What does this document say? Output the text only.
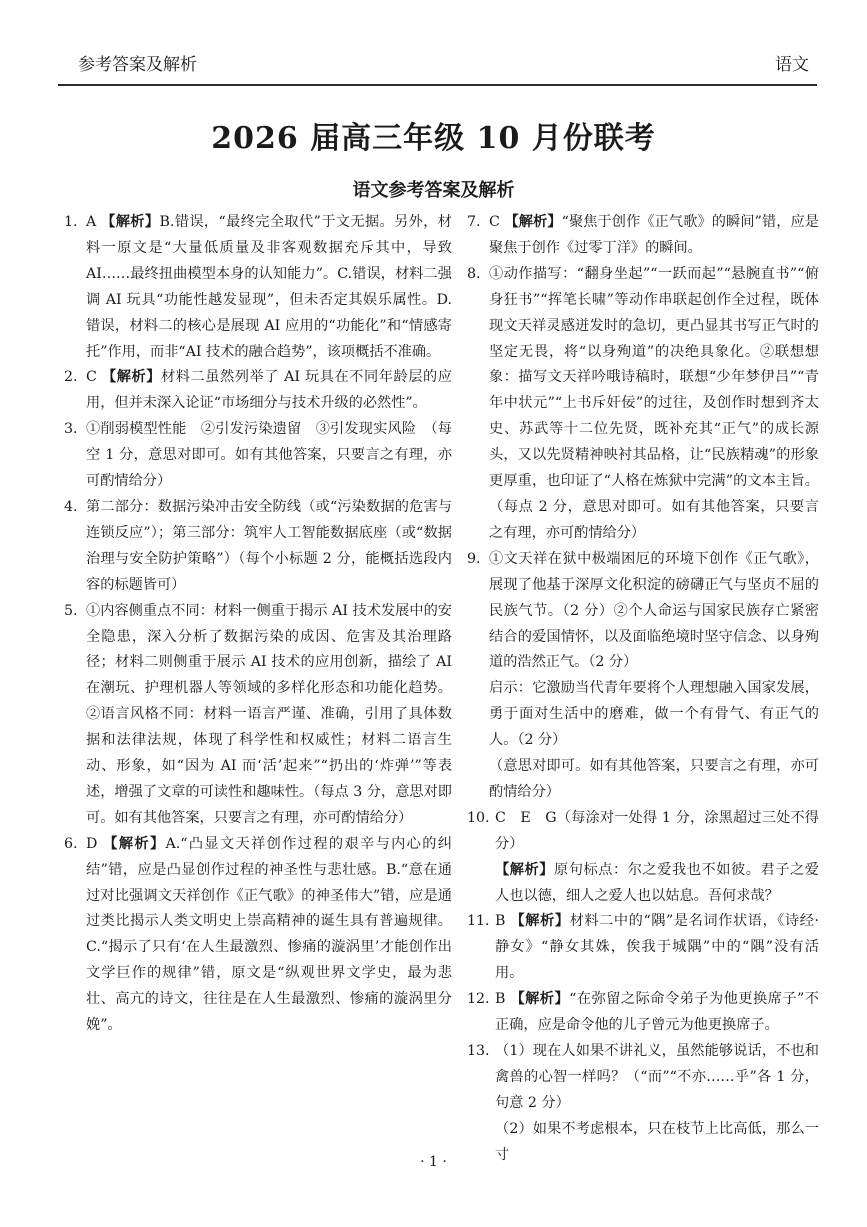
参考答案及解析	语文
2026 届高三年级 10 月份联考
语文参考答案及解析
1. A 【解析】B.错误，“最终完全取代”于文无据。另外，材料一原文是“大量低质量及非客观数据充斥其中，导致 AI……最终扭曲模型本身的认知能力”。C.错误，材料二强调 AI 玩具“功能性越发显现”，但未否定其娱乐属性。D.错误，材料二的核心是展现 AI 应用的“功能化”和“情感寄托”作用，而非“AI 技术的融合趋势”，该项概括不准确。
2. C 【解析】材料二虽然列举了 AI 玩具在不同年龄层的应用，但并未深入论证“市场细分与技术升级的必然性”。
3. ①削弱模型性能　②引发污染遗留　③引发现实风险　（每空 1 分，意思对即可。如有其他答案，只要言之有理，亦可酌情给分）
4. 第二部分：数据污染冲击安全防线（或“污染数据的危害与连锁反应”）；第三部分：筑牢人工智能数据底座（或“数据治理与安全防护策略”）（每个小标题 2 分，能概括选段内容的标题皆可）
5. ①内容侧重点不同：材料一侧重于揭示 AI 技术发展中的安全隐患，深入分析了数据污染的成因、危害及其治理路径；材料二则侧重于展示 AI 技术的应用创新，描绘了 AI 在潮玩、护理机器人等领域的多样化形态和功能化趋势。②语言风格不同：材料一语言严谨、准确，引用了具体数据和法律法规，体现了科学性和权威性；材料二语言生动、形象，如“因为 AI 而‘活’起来”“扔出的‘炸弹’”等表述，增强了文章的可读性和趣味性。（每点 3 分，意思对即可。如有其他答案，只要言之有理，亦可酌情给分）
6. D 【解析】A.“凸显文天祥创作过程的艰辛与内心的纠结”错，应是凸显创作过程的神圣性与悲壮感。B.“意在通过对比强调文天祥创作《正气歌》的神圣伟大”错，应是通过类比揭示人类文明史上崇高精神的诞生具有普遍规律。C.“揭示了只有‘在人生最激烈、惨痛的漩涡里’才能创作出文学巨作的规律”错，原文是“纵观世界文学史，最为悲壮、高亢的诗文，往往是在人生最激烈、惨痛的漩涡里分娩”。
7. C 【解析】“聚焦于创作《正气歌》的瞬间”错，应是聚焦于创作《过零丁洋》的瞬间。
8. ①动作描写：“翻身坐起”“一跃而起”“悬腕直书”“俯身狂书”“挥笔长啸”等动作串联起创作全过程，既体现文天祥灵感迸发时的急切，更凸显其书写正气时的坚定无畏，将“以身殉道”的决绝具象化。②联想想象：描写文天祥吟哦诗稿时，联想“少年梦伊吕”“青年中状元”“上书斥奸佞”的过往，及创作时想到齐太史、苏武等十二位先贤，既补充其“正气”的成长源头，又以先贤精神映衬其品格，让“民族精魂”的形象更厚重，也印证了“人格在炼狱中完满”的文本主旨。（每点 2 分，意思对即可。如有其他答案，只要言之有理，亦可酌情给分）
9. ①文天祥在狱中极端困厄的环境下创作《正气歌》，展现了他基于深厚文化积淀的磅礴正气与坚贞不屈的民族气节。（2 分）②个人命运与国家民族存亡紧密结合的爱国情怀，以及面临绝境时坚守信念、以身殉道的浩然正气。（2 分）
启示：它激励当代青年要将个人理想融入国家发展，勇于面对生活中的磨难，做一个有骨气、有正气的人。（2 分）
（意思对即可。如有其他答案，只要言之有理，亦可酌情给分）
10. C　E　G（每涂对一处得 1 分，涂黑超过三处不得分）
【解析】原句标点：尔之爱我也不如彼。君子之爱人也以德，细人之爱人也以姑息。吾何求哉？
11. B 【解析】材料二中的“隅”是名词作状语，《诗经·静女》“静女其姝，俟我于城隅”中的“隅”没有活用。
12. B 【解析】“在弥留之际命令弟子为他更换席子”不正确，应是命令他的儿子曾元为他更换席子。
13. （1）现在人如果不讲礼义，虽然能够说话，不也和禽兽的心智一样吗？（“而”“不亦……乎”各 1 分，句意 2 分）
（2）如果不考虑根本，只在枝节上比高低，那么一寸
· 1 ·
